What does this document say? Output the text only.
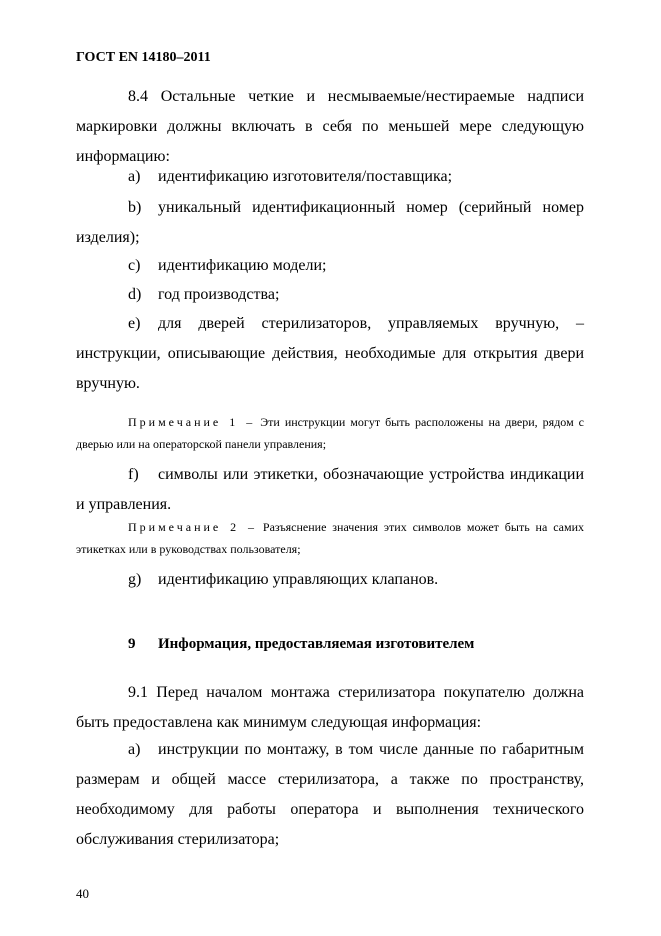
ГОСТ EN 14180–2011

8.4 Остальные четкие и несмываемые/нестираемые надписи маркировки должны включать в себя по меньшей мере следующую информацию:

a) идентификацию изготовителя/поставщика;

b) уникальный идентификационный номер (серийный номер изделия);

c) идентификацию модели;
d) год производства;

e) для дверей стерилизаторов, управляемых вручную, – инструкции, описывающие действия, необходимые для открытия двери вручную.

Примечание 1 – Эти инструкции могут быть расположены на двери, рядом с дверью или на операторской панели управления;

f) символы или этикетки, обозначающие устройства индикации и управления.

Примечание 2 – Разъяснение значения этих символов может быть на самих этикетках или в руководствах пользователя;

g) идентификацию управляющих клапанов.
9 Информация, предоставляемая изготовителем

9.1 Перед началом монтажа стерилизатора покупателю должна быть предоставлена как минимум следующая информация:

a) инструкции по монтажу, в том числе данные по габаритным размерам и общей массе стерилизатора, а также по пространству, необходимому для работы оператора и выполнения технического обслуживания стерилизатора;

40
